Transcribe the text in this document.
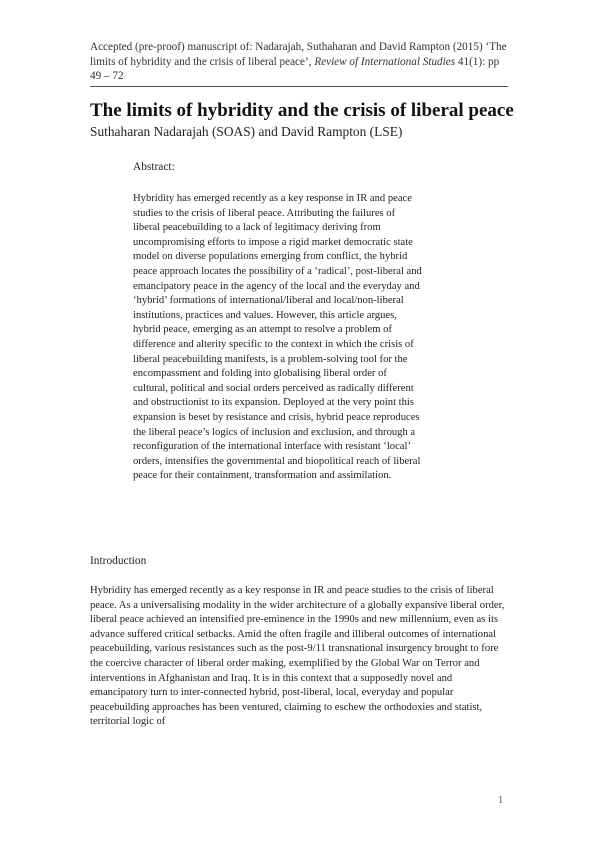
Accepted (pre-proof) manuscript of: Nadarajah, Suthaharan and David Rampton (2015) ‘The limits of hybridity and the crisis of liberal peace’, Review of International Studies 41(1): pp 49 – 72
The limits of hybridity and the crisis of liberal peace
Suthaharan Nadarajah (SOAS) and David Rampton (LSE)
Abstract:

Hybridity has emerged recently as a key response in IR and peace studies to the crisis of liberal peace. Attributing the failures of liberal peacebuilding to a lack of legitimacy deriving from uncompromising efforts to impose a rigid market democratic state model on diverse populations emerging from conflict, the hybrid peace approach locates the possibility of a ‘radical’, post-liberal and emancipatory peace in the agency of the local and the everyday and ‘hybrid’ formations of international/liberal and local/non-liberal institutions, practices and values. However, this article argues, hybrid peace, emerging as an attempt to resolve a problem of difference and alterity specific to the context in which the crisis of liberal peacebuilding manifests, is a problem-solving tool for the encompassment and folding into globalising liberal order of cultural, political and social orders perceived as radically different and obstructionist to its expansion. Deployed at the very point this expansion is beset by resistance and crisis, hybrid peace reproduces the liberal peace’s logics of inclusion and exclusion, and through a reconfiguration of the international interface with resistant ‘local’ orders, intensifies the governmental and biopolitical reach of liberal peace for their containment, transformation and assimilation.

Introduction

Hybridity has emerged recently as a key response in IR and peace studies to the crisis of liberal peace. As a universalising modality in the wider architecture of a globally expansive liberal order, liberal peace achieved an intensified pre-eminence in the 1990s and new millennium, even as its advance suffered critical setbacks. Amid the often fragile and illiberal outcomes of international peacebuilding, various resistances such as the post-9/11 transnational insurgency brought to fore the coercive character of liberal order making, exemplified by the Global War on Terror and interventions in Afghanistan and Iraq. It is in this context that a supposedly novel and emancipatory turn to inter-connected hybrid, post-liberal, local, everyday and popular peacebuilding approaches has been ventured, claiming to eschew the orthodoxies and statist, territorial logic of

1
